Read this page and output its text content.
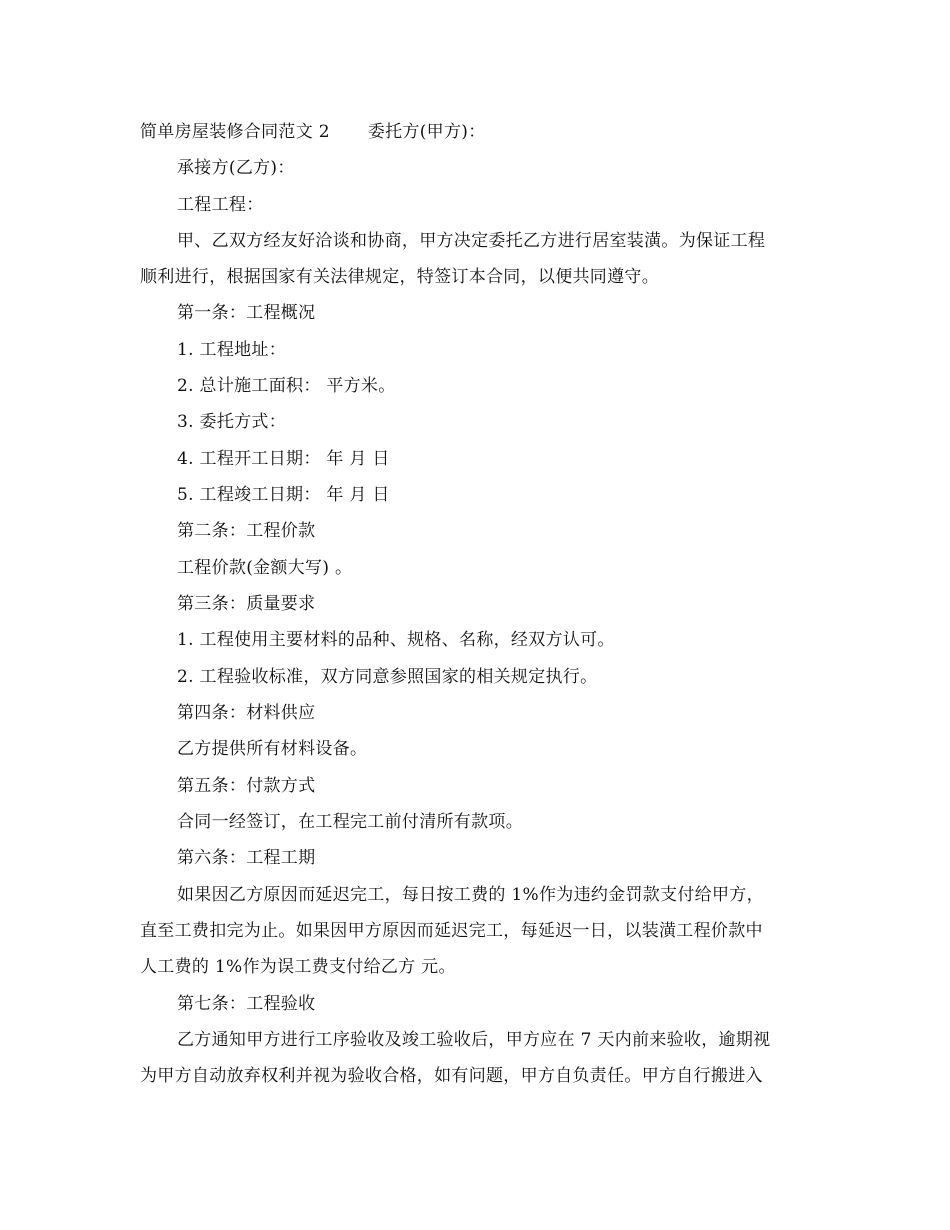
简单房屋装修合同范文 2 委托方(甲方)：
承接方(乙方)：
工程工程：
甲、乙双方经友好洽谈和协商，甲方决定委托乙方进行居室装潢。为保证工程
顺利进行，根据国家有关法律规定，特签订本合同，以便共同遵守。
第一条：工程概况
1. 工程地址：
2. 总计施工面积： 平方米。
3. 委托方式：
4. 工程开工日期： 年 月 日
5. 工程竣工日期： 年 月 日
第二条：工程价款
工程价款(金额大写) 。
第三条：质量要求
1. 工程使用主要材料的品种、规格、名称，经双方认可。
2. 工程验收标准，双方同意参照国家的相关规定执行。
第四条：材料供应
乙方提供所有材料设备。
第五条：付款方式
合同一经签订，在工程完工前付清所有款项。
第六条：工程工期
如果因乙方原因而延迟完工，每日按工费的 1%作为违约金罚款支付给甲方，
直至工费扣完为止。如果因甲方原因而延迟完工，每延迟一日，以装潢工程价款中
人工费的 1%作为误工费支付给乙方 元。
第七条：工程验收
乙方通知甲方进行工序验收及竣工验收后，甲方应在 7 天内前来验收，逾期视
为甲方自动放弃权利并视为验收合格，如有问题，甲方自负责任。甲方自行搬进入
